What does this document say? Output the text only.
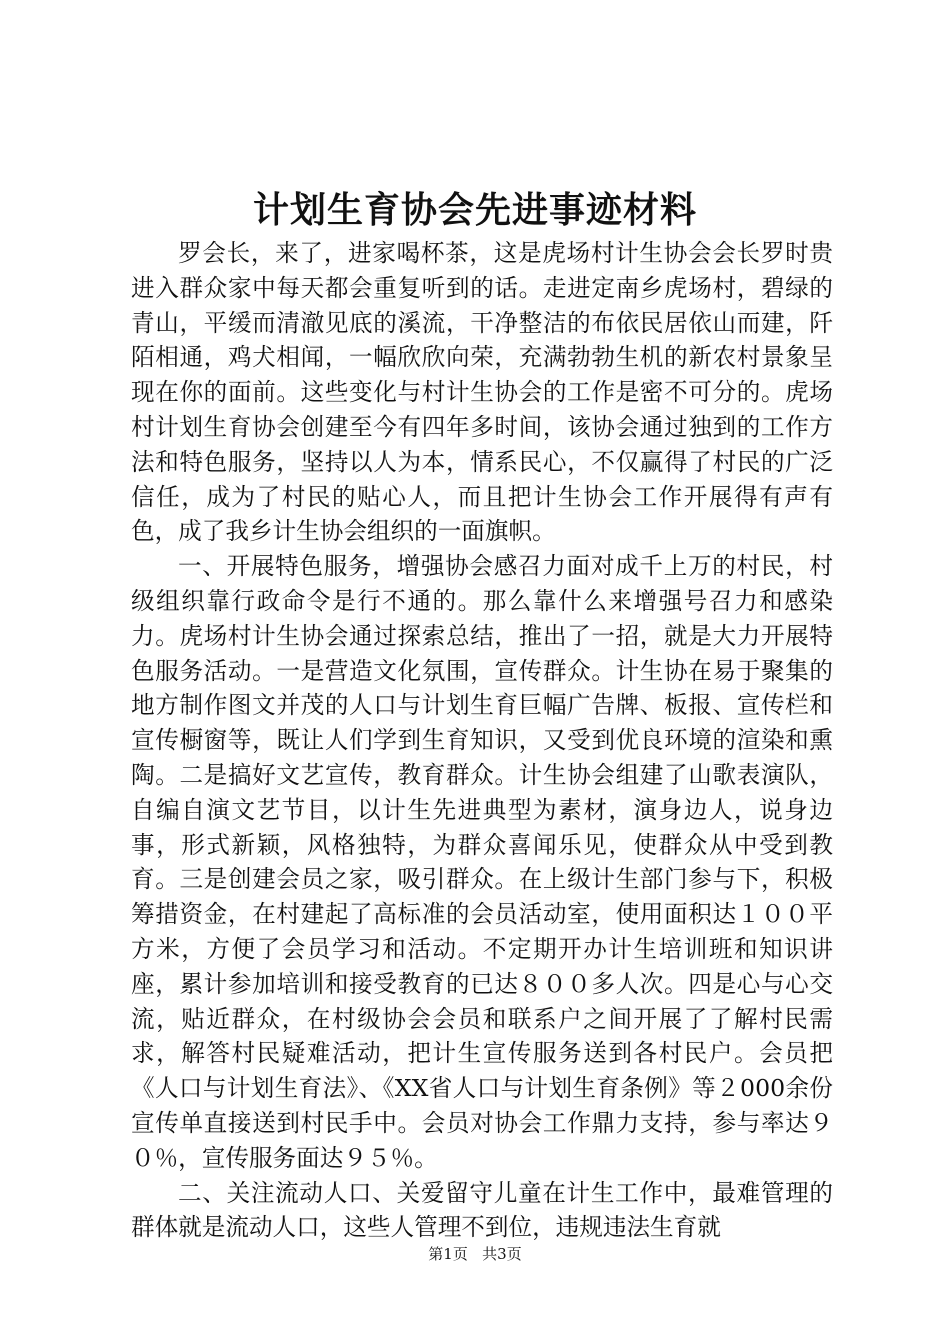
计划生育协会先进事迹材料

罗会长，来了，进家喝杯茶，这是虎场村计生协会会长罗时贵进入群众家中每天都会重复听到的话。走进定南乡虎场村，碧绿的青山，平缓而清澈见底的溪流，干净整洁的布依民居依山而建，阡陌相通，鸡犬相闻，一幅欣欣向荣，充满勃勃生机的新农村景象呈现在你的面前。这些变化与村计生协会的工作是密不可分的。虎场村计划生育协会创建至今有四年多时间，该协会通过独到的工作方法和特色服务，坚持以人为本，情系民心，不仅赢得了村民的广泛信任，成为了村民的贴心人，而且把计生协会工作开展得有声有色，成了我乡计生协会组织的一面旗帜。

一、开展特色服务，增强协会感召力面对成千上万的村民，村级组织靠行政命令是行不通的。那么靠什么来增强号召力和感染力。虎场村计生协会通过探索总结，推出了一招，就是大力开展特色服务活动。一是营造文化氛围，宣传群众。计生协在易于聚集的地方制作图文并茂的人口与计划生育巨幅广告牌、板报、宣传栏和宣传橱窗等，既让人们学到生育知识，又受到优良环境的渲染和熏陶。二是搞好文艺宣传，教育群众。计生协会组建了山歌表演队，自编自演文艺节目，以计生先进典型为素材，演身边人，说身边事，形式新颖，风格独特，为群众喜闻乐见，使群众从中受到教育。三是创建会员之家，吸引群众。在上级计生部门参与下，积极筹措资金，在村建起了高标准的会员活动室，使用面积达１００平方米，方便了会员学习和活动。不定期开办计生培训班和知识讲座，累计参加培训和接受教育的已达８００多人次。四是心与心交流，贴近群众，在村级协会会员和联系户之间开展了了解村民需求，解答村民疑难活动，把计生宣传服务送到各村民户。会员把《人口与计划生育法》、《XX省人口与计划生育条例》等２000余份宣传单直接送到村民手中。会员对协会工作鼎力支持，参与率达９０％，宣传服务面达９５％。

二、关注流动人口、关爱留守儿童在计生工作中，最难管理的群体就是流动人口，这些人管理不到位，违规违法生育就

第1页 共3页
